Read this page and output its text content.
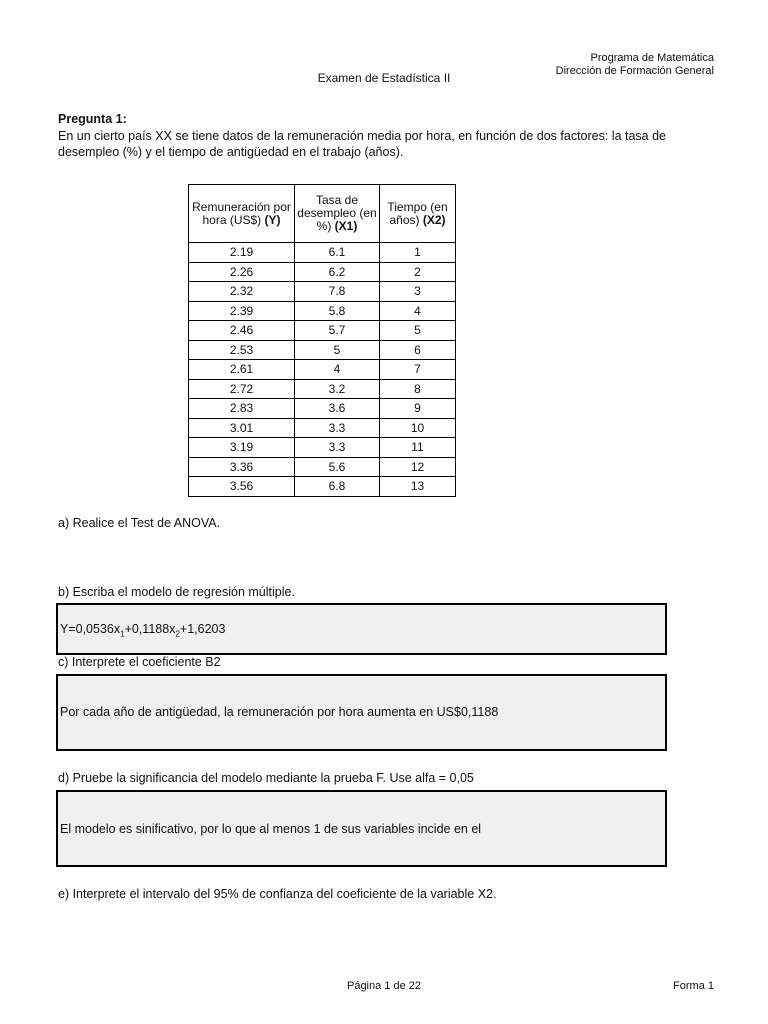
Programa de Matemática
Dirección de Formación General
Examen de Estadística II
Pregunta 1:
En un cierto país XX se tiene datos de la remuneración media por hora, en función de dos factores: la tasa de desempleo (%) y el tiempo de antigüedad en el trabajo (años).
Remuneración por hora (US$) (Y)	Tasa de desempleo (en %) (X1)	Tiempo (en años) (X2)
2.19	6.1	1
2.26	6.2	2
2.32	7.8	3
2.39	5.8	4
2.46	5.7	5
2.53	5	6
2.61	4	7
2.72	3.2	8
2.83	3.6	9
3.01	3.3	10
3.19	3.3	11
3.36	5.6	12
3.56	6.8	13
a) Realice el Test de ANOVA.
b) Escriba el modelo de regresión múltiple.
$Y=0,0536x_1+0,1188x_2+1,6203$
c) Interprete el coeficiente B2
Por cada año de antigüedad, la remuneración por hora aumenta en US$0,1188
d) Pruebe la significancia del modelo mediante la prueba F. Use alfa = 0,05
El modelo es sinificativo, por lo que al menos 1 de sus variables incide en el
e) Interprete el intervalo del 95% de confianza del coeficiente de la variable X2.
Página 1 de 22	Forma 1
